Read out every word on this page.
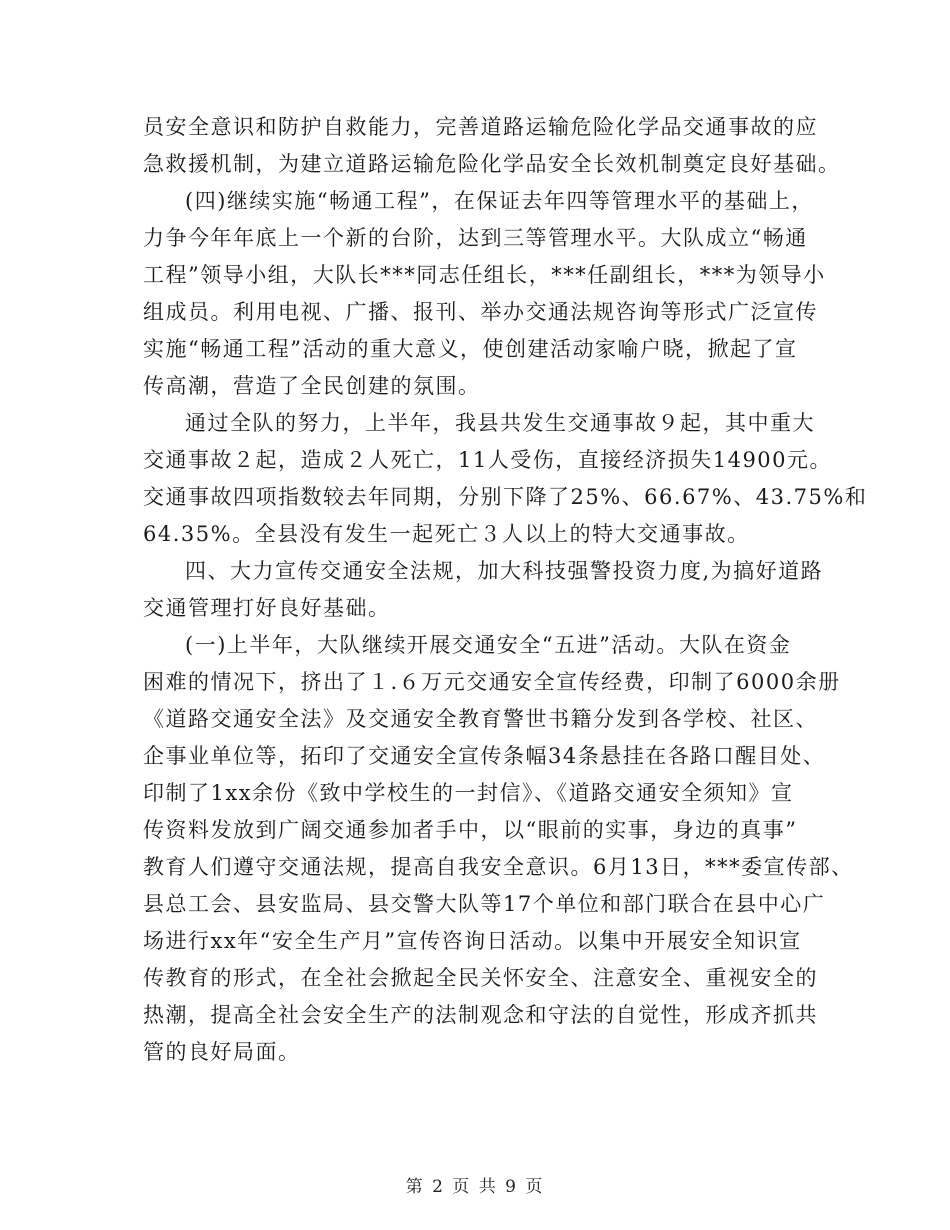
员安全意识和防护自救能力，完善道路运输危险化学品交通事故的应
急救援机制，为建立道路运输危险化学品安全长效机制奠定良好基础。
(四)继续实施“畅通工程”，在保证去年四等管理水平的基础上，
力争今年年底上一个新的台阶，达到三等管理水平。大队成立“畅通
工程”领导小组，大队长***同志任组长，***任副组长，***为领导小
组成员。利用电视、广播、报刊、举办交通法规咨询等形式广泛宣传
实施“畅通工程”活动的重大意义，使创建活动家喻户晓，掀起了宣
传高潮，营造了全民创建的氛围。
通过全队的努力，上半年，我县共发生交通事故９起，其中重大
交通事故２起，造成２人死亡，11人受伤，直接经济损失14900元。
交通事故四项指数较去年同期，分别下降了25%、66.67%、43.75%和
64.35%。全县没有发生一起死亡３人以上的特大交通事故。
四、大力宣传交通安全法规，加大科技强警投资力度,为搞好道路
交通管理打好良好基础。
(一)上半年，大队继续开展交通安全“五进”活动。大队在资金
困难的情况下，挤出了１.６万元交通安全宣传经费，印制了6000余册
《道路交通安全法》及交通安全教育警世书籍分发到各学校、社区、
企事业单位等，拓印了交通安全宣传条幅34条悬挂在各路口醒目处、
印制了1xx余份《致中学校生的一封信》、《道路交通安全须知》宣
传资料发放到广阔交通参加者手中，以“眼前的实事，身边的真事”
教育人们遵守交通法规，提高自我安全意识。6月13日，***委宣传部、
县总工会、县安监局、县交警大队等17个单位和部门联合在县中心广
场进行xx年“安全生产月”宣传咨询日活动。以集中开展安全知识宣
传教育的形式，在全社会掀起全民关怀安全、注意安全、重视安全的
热潮，提高全社会安全生产的法制观念和守法的自觉性，形成齐抓共
管的良好局面。
第 2 页 共 9 页
